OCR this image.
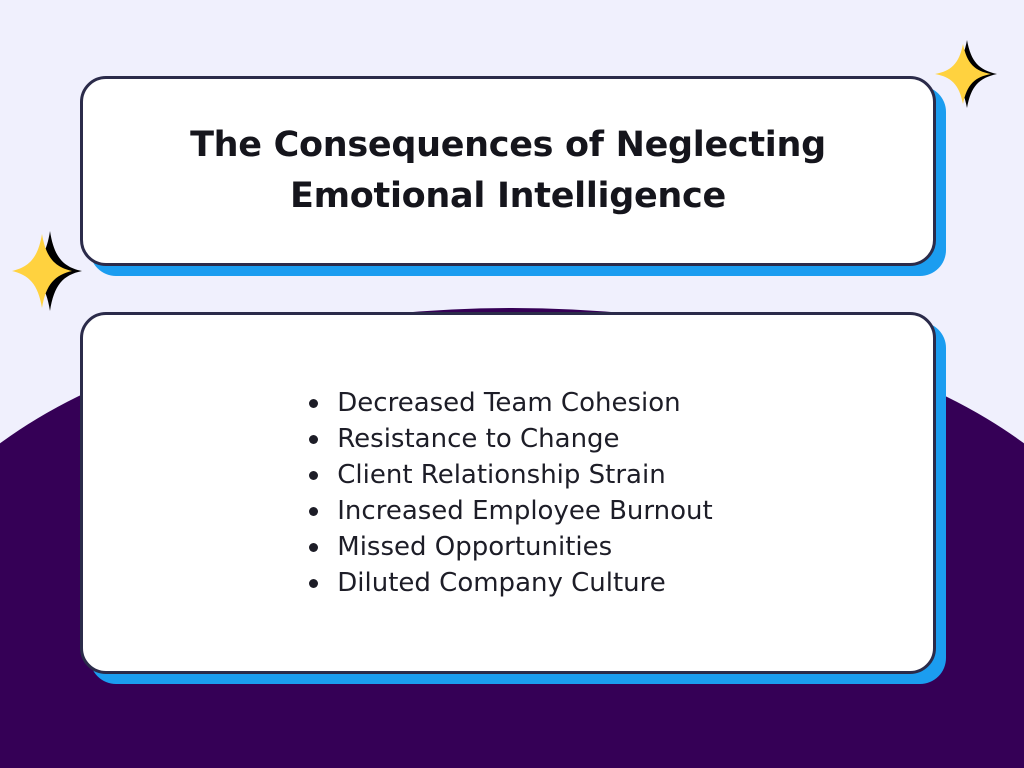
The Consequences of Neglecting
Emotional Intelligence
Decreased Team Cohesion
Resistance to Change
Client Relationship Strain
Increased Employee Burnout
Missed Opportunities
Diluted Company Culture
